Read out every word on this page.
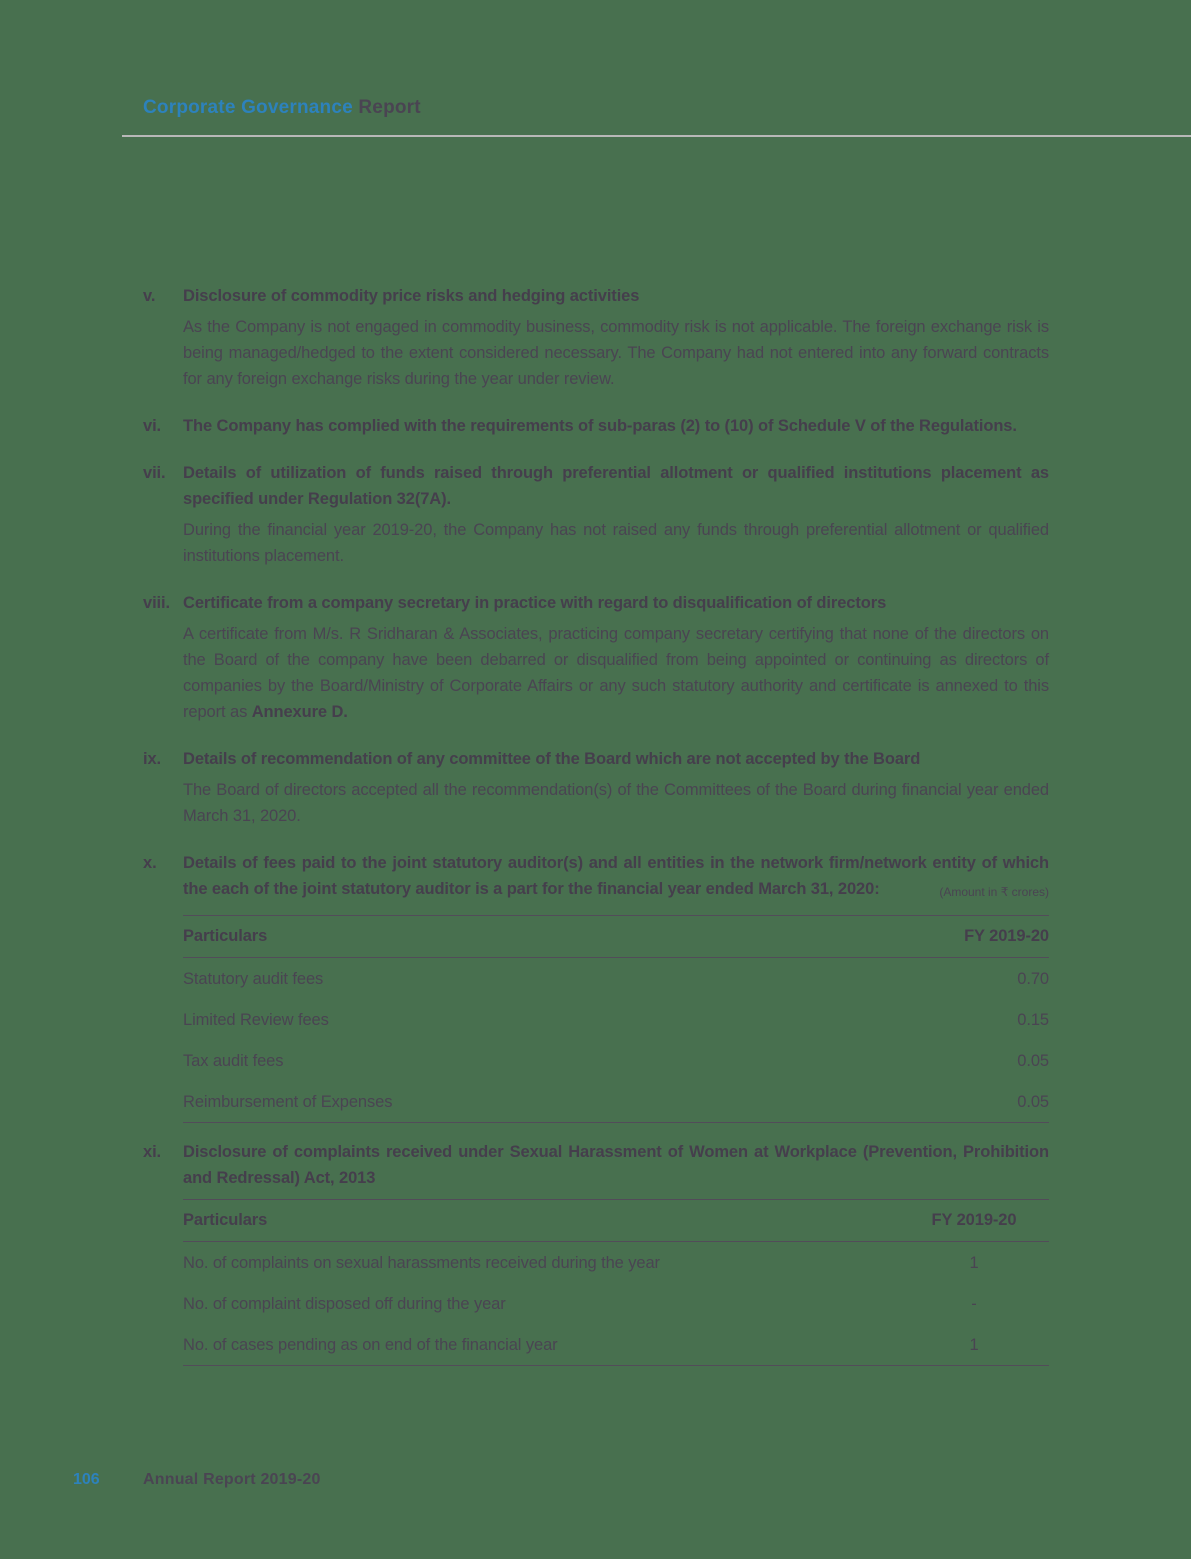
Corporate Governance Report
v.	Disclosure of commodity price risks and hedging activities

As the Company is not engaged in commodity business, commodity risk is not applicable. The foreign exchange risk is being managed/hedged to the extent considered necessary. The Company had not entered into any forward contracts for any foreign exchange risks during the year under review.

vi.	The Company has complied with the requirements of sub-paras (2) to (10) of Schedule V of the Regulations.
vii.	Details of utilization of funds raised through preferential allotment or qualified institutions placement as specified under Regulation 32(7A).

During the financial year 2019-20, the Company has not raised any funds through preferential allotment or qualified institutions placement.

viii. Certificate from a company secretary in practice with regard to disqualification of directors

A certificate from M/s. R Sridharan & Associates, practicing company secretary certifying that none of the directors on the Board of the company have been debarred or disqualified from being appointed or continuing as directors of companies by the Board/Ministry of Corporate Affairs or any such statutory authority and certificate is annexed to this report as Annexure D.

ix.	Details of recommendation of any committee of the Board which are not accepted by the Board

The Board of directors accepted all the recommendation(s) of the Committees of the Board during financial year ended March 31, 2020.

x.	Details of fees paid to the joint statutory auditor(s) and all entities in the network firm/network entity of which the each of the joint statutory auditor is a part for the financial year ended March 31, 2020:	(Amount in ₹ crores)
Particulars	FY 2019-20
Statutory audit fees	0.70
Limited Review fees	0.15
Tax audit fees	0.05
Reimbursement of Expenses	0.05
xi.	Disclosure of complaints received under Sexual Harassment of Women at Workplace (Prevention, Prohibition and Redressal) Act, 2013
Particulars	FY 2019-20
No. of complaints on sexual harassments received during the year	1
No. of complaint disposed off during the year	-
No. of cases pending as on end of the financial year	1
106	Annual Report 2019-20
